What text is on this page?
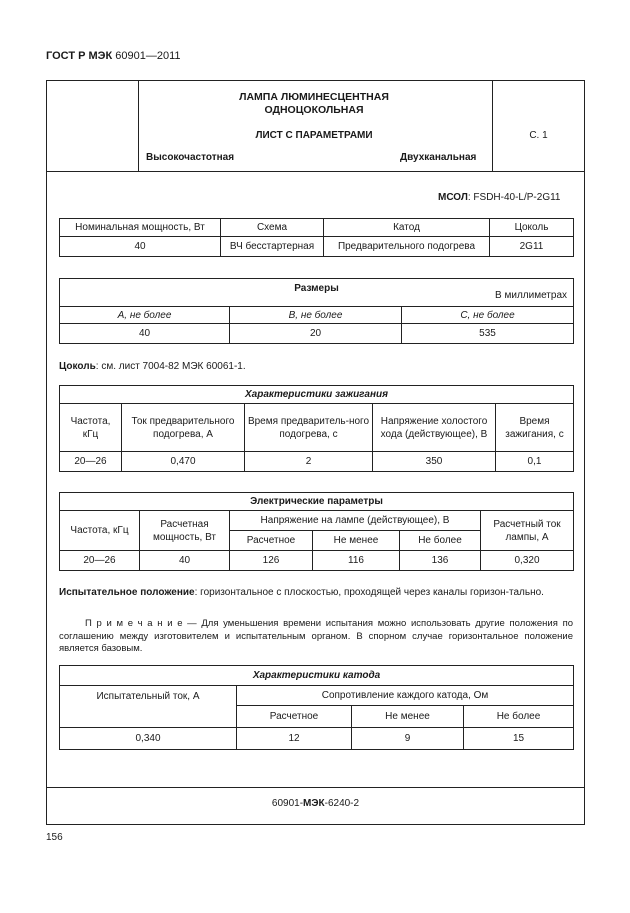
ГОСТ Р МЭК 60901—2011
ЛАМПА ЛЮМИНЕСЦЕНТНАЯ
ОДНОЦОКОЛЬНАЯ
ЛИСТ С ПАРАМЕТРАМИ
Высокочастотная	Двухканальная
С. 1
МСОЛ: FSDH-40-L/P-2G11
Номинальная мощность, Вт	Схема	Катод	Цоколь
40	ВЧ бесстартерная	Предварительного подогрева	2G11
Размеры
В миллиметрах		

A, не более	B, не более	C, не более
40	20	535
Цоколь: см. лист 7004-82 МЭК 60061-1.
Характеристики зажигания				
Частота, кГц	Ток предварительного подогрева, А	Время предваритель-ного подогрева, с	Напряжение холостого хода (действующее), В	Время зажигания, с
20—26	0,470	2	350	0,1
Электрические параметры					
Частота, кГц	Расчетная мощность, Вт	Напряжение на лампе (действующее), В			Расчетный ток лампы, А
		Расчетное	Не менее	Не более	
20—26	40	126	116	136	0,320
Испытательное положение: горизонтальное с плоскостью, проходящей через каналы горизон-тально.
П р и м е ч а н и е — Для уменьшения времени испытания можно использовать другие положения по соглашению между изготовителем и испытательным органом. В спорном случае горизонтальное положение является базовым.
Характеристики катода			
Испытательный ток, А	Сопротивление каждого катода, Ом		
	Расчетное	Не менее	Не более
0,340	12	9	15
60901-МЭК-6240-2
156
